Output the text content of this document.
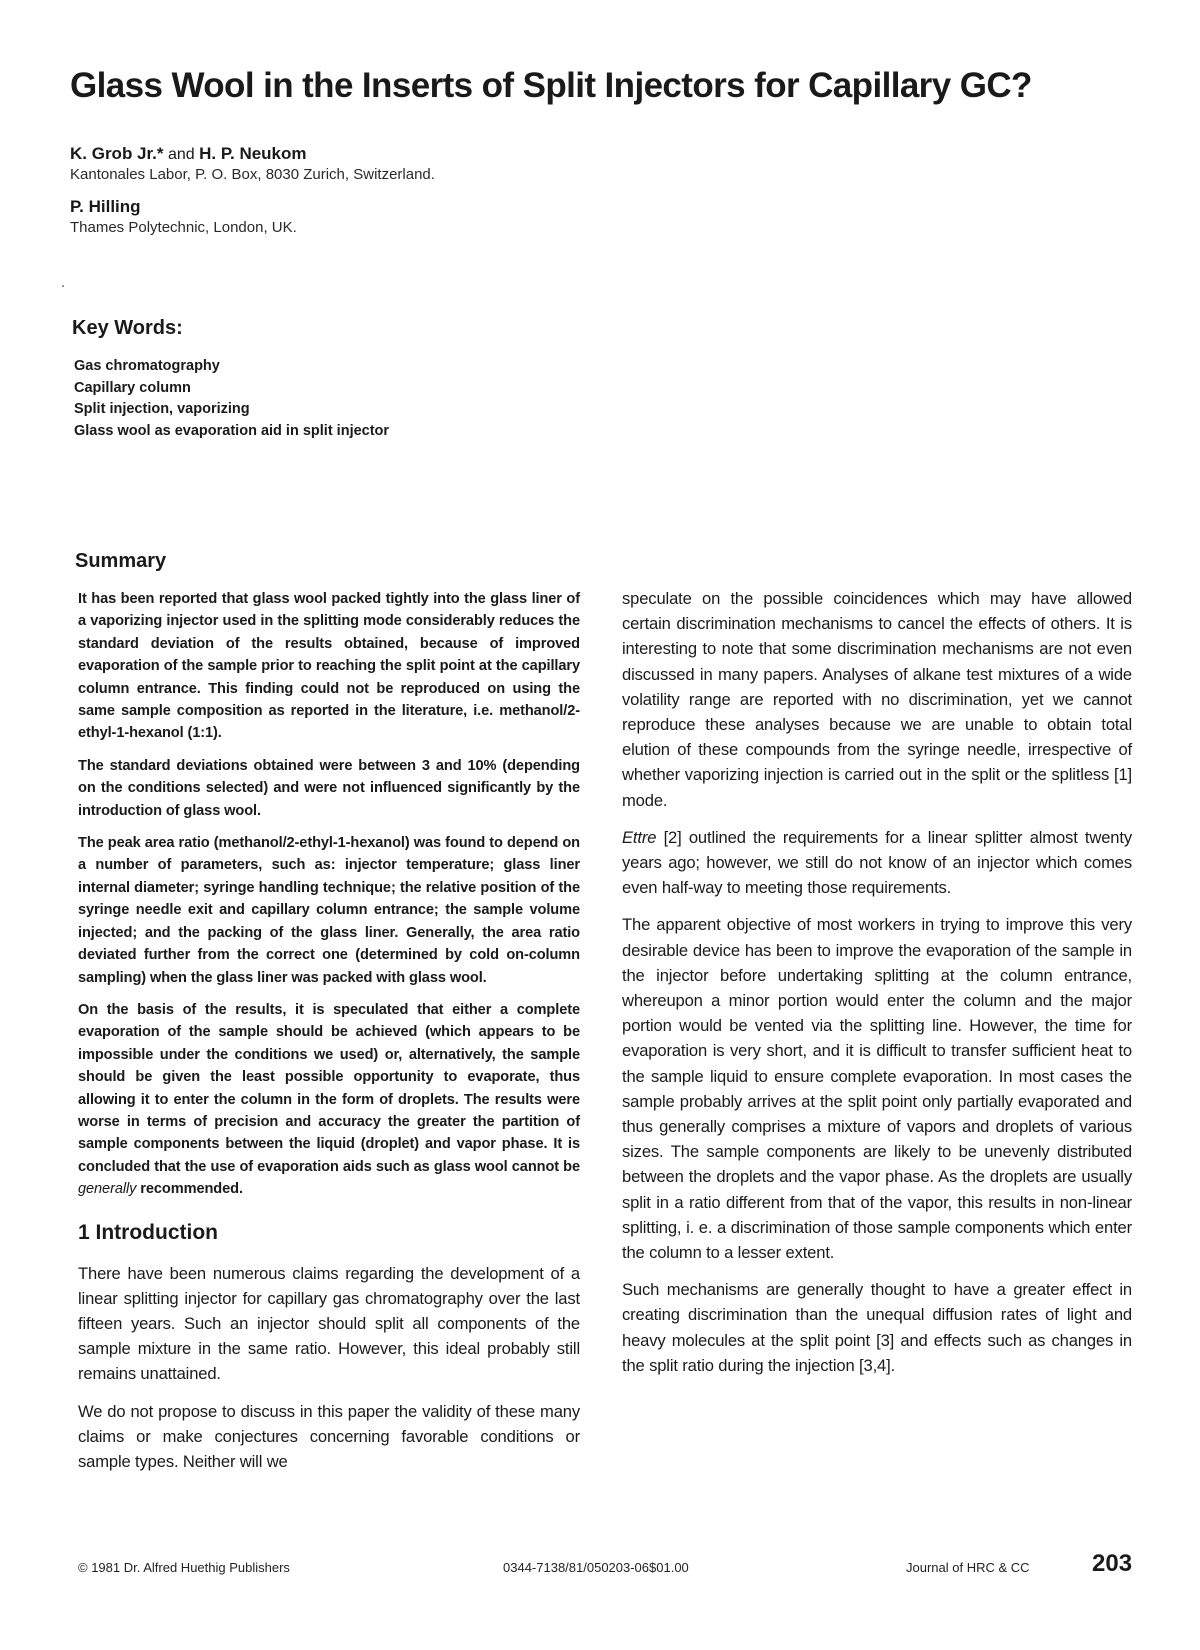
Glass Wool in the Inserts of Split Injectors for Capillary GC?
K. Grob Jr.* and H. P. Neukom
Kantonales Labor, P. O. Box, 8030 Zurich, Switzerland.
P. Hilling
Thames Polytechnic, London, UK.
Key Words:
Gas chromatography
Capillary column
Split injection, vaporizing
Glass wool as evaporation aid in split injector
Summary

It has been reported that glass wool packed tightly into the glass liner of a vaporizing injector used in the splitting mode considerably reduces the standard deviation of the results obtained, because of improved evaporation of the sample prior to reaching the split point at the capillary column entrance. This finding could not be reproduced on using the same sample composition as reported in the literature, i.e. methanol/2-ethyl-1-hexanol (1:1).

The standard deviations obtained were between 3 and 10% (depending on the conditions selected) and were not influenced significantly by the introduction of glass wool.

The peak area ratio (methanol/2-ethyl-1-hexanol) was found to depend on a number of parameters, such as: injector temperature; glass liner internal diameter; syringe handling technique; the relative position of the syringe needle exit and capillary column entrance; the sample volume injected; and the packing of the glass liner. Generally, the area ratio deviated further from the correct one (determined by cold on-column sampling) when the glass liner was packed with glass wool.

On the basis of the results, it is speculated that either a complete evaporation of the sample should be achieved (which appears to be impossible under the conditions we used) or, alternatively, the sample should be given the least possible opportunity to evaporate, thus allowing it to enter the column in the form of droplets. The results were worse in terms of precision and accuracy the greater the partition of sample components between the liquid (droplet) and vapor phase. It is concluded that the use of evaporation aids such as glass wool cannot be generally recommended.

1 Introduction

There have been numerous claims regarding the development of a linear splitting injector for capillary gas chromatography over the last fifteen years. Such an injector should split all components of the sample mixture in the same ratio. However, this ideal probably still remains unattained.

We do not propose to discuss in this paper the validity of these many claims or make conjectures concerning favorable conditions or sample types. Neither will we

speculate on the possible coincidences which may have allowed certain discrimination mechanisms to cancel the effects of others. It is interesting to note that some discrimination mechanisms are not even discussed in many papers. Analyses of alkane test mixtures of a wide volatility range are reported with no discrimination, yet we cannot reproduce these analyses because we are unable to obtain total elution of these compounds from the syringe needle, irrespective of whether vaporizing injection is carried out in the split or the splitless [1] mode.

Ettre [2] outlined the requirements for a linear splitter almost twenty years ago; however, we still do not know of an injector which comes even half-way to meeting those requirements.

The apparent objective of most workers in trying to improve this very desirable device has been to improve the evaporation of the sample in the injector before undertaking splitting at the column entrance, whereupon a minor portion would enter the column and the major portion would be vented via the splitting line. However, the time for evaporation is very short, and it is difficult to transfer sufficient heat to the sample liquid to ensure complete evaporation. In most cases the sample probably arrives at the split point only partially evaporated and thus generally comprises a mixture of vapors and droplets of various sizes. The sample components are likely to be unevenly distributed between the droplets and the vapor phase. As the droplets are usually split in a ratio different from that of the vapor, this results in non-linear splitting, i. e. a discrimination of those sample components which enter the column to a lesser extent.

Such mechanisms are generally thought to have a greater effect in creating discrimination than the unequal diffusion rates of light and heavy molecules at the split point [3] and effects such as changes in the split ratio during the injection [3,4].

© 1981 Dr. Alfred Huethig Publishers	0344-7138/81/050203-06$01.00	Journal of HRC & CC	203
